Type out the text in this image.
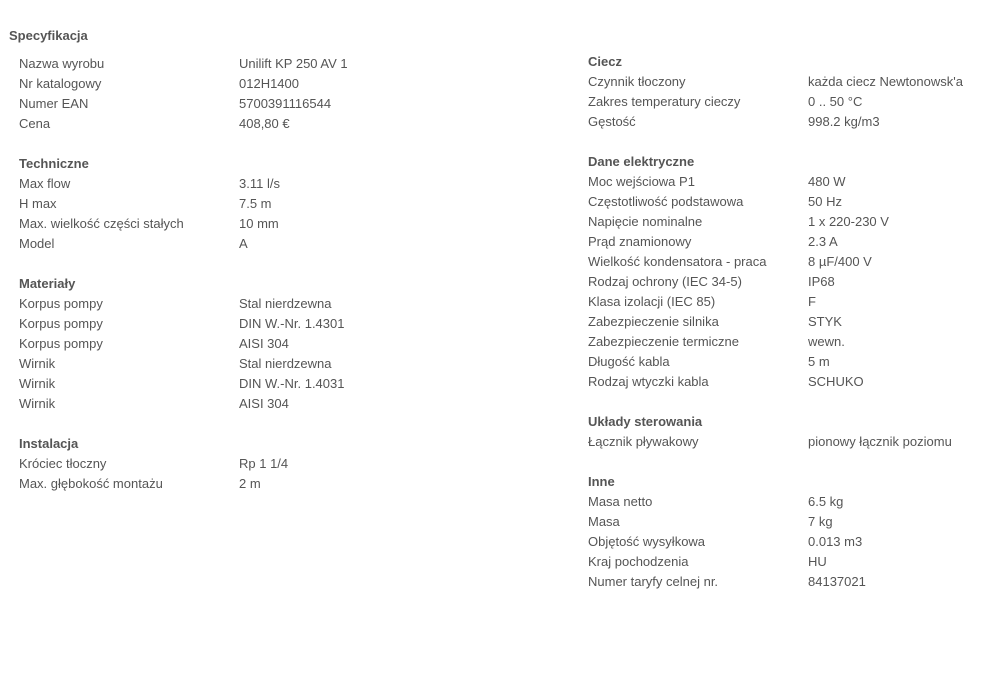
Specyfikacja
Nazwa wyrobu	Unilift KP 250 AV 1
Nr katalogowy	012H1400
Numer EAN	5700391116544
Cena	408,80 €
Techniczne
Max flow	3.11 l/s
H max	7.5 m
Max. wielkość części stałych	10 mm
Model	A
Materiały
Korpus pompy	Stal nierdzewna
Korpus pompy	DIN W.-Nr. 1.4301
Korpus pompy	AISI 304
Wirnik	Stal nierdzewna
Wirnik	DIN W.-Nr. 1.4031
Wirnik	AISI 304
Instalacja
Króciec tłoczny	Rp 1 1/4
Max. głębokość montażu	2 m
Ciecz
Czynnik tłoczony	każda ciecz Newtonowsk'a
Zakres temperatury cieczy	0 .. 50 °C
Gęstość	998.2 kg/m3
Dane elektryczne
Moc wejściowa P1	480 W
Częstotliwość podstawowa	50 Hz
Napięcie nominalne	1 x 220-230 V
Prąd znamionowy	2.3 A
Wielkość kondensatora - praca	8 µF/400 V
Rodzaj ochrony (IEC 34-5)	IP68
Klasa izolacji (IEC 85)	F
Zabezpieczenie silnika	STYK
Zabezpieczenie termiczne	wewn.
Długość kabla	5 m
Rodzaj wtyczki kabla	SCHUKO
Układy sterowania
Łącznik pływakowy	pionowy łącznik poziomu
Inne
Masa netto	6.5 kg
Masa	7 kg
Objętość wysyłkowa	0.013 m3
Kraj pochodzenia	HU
Numer taryfy celnej nr.	84137021
